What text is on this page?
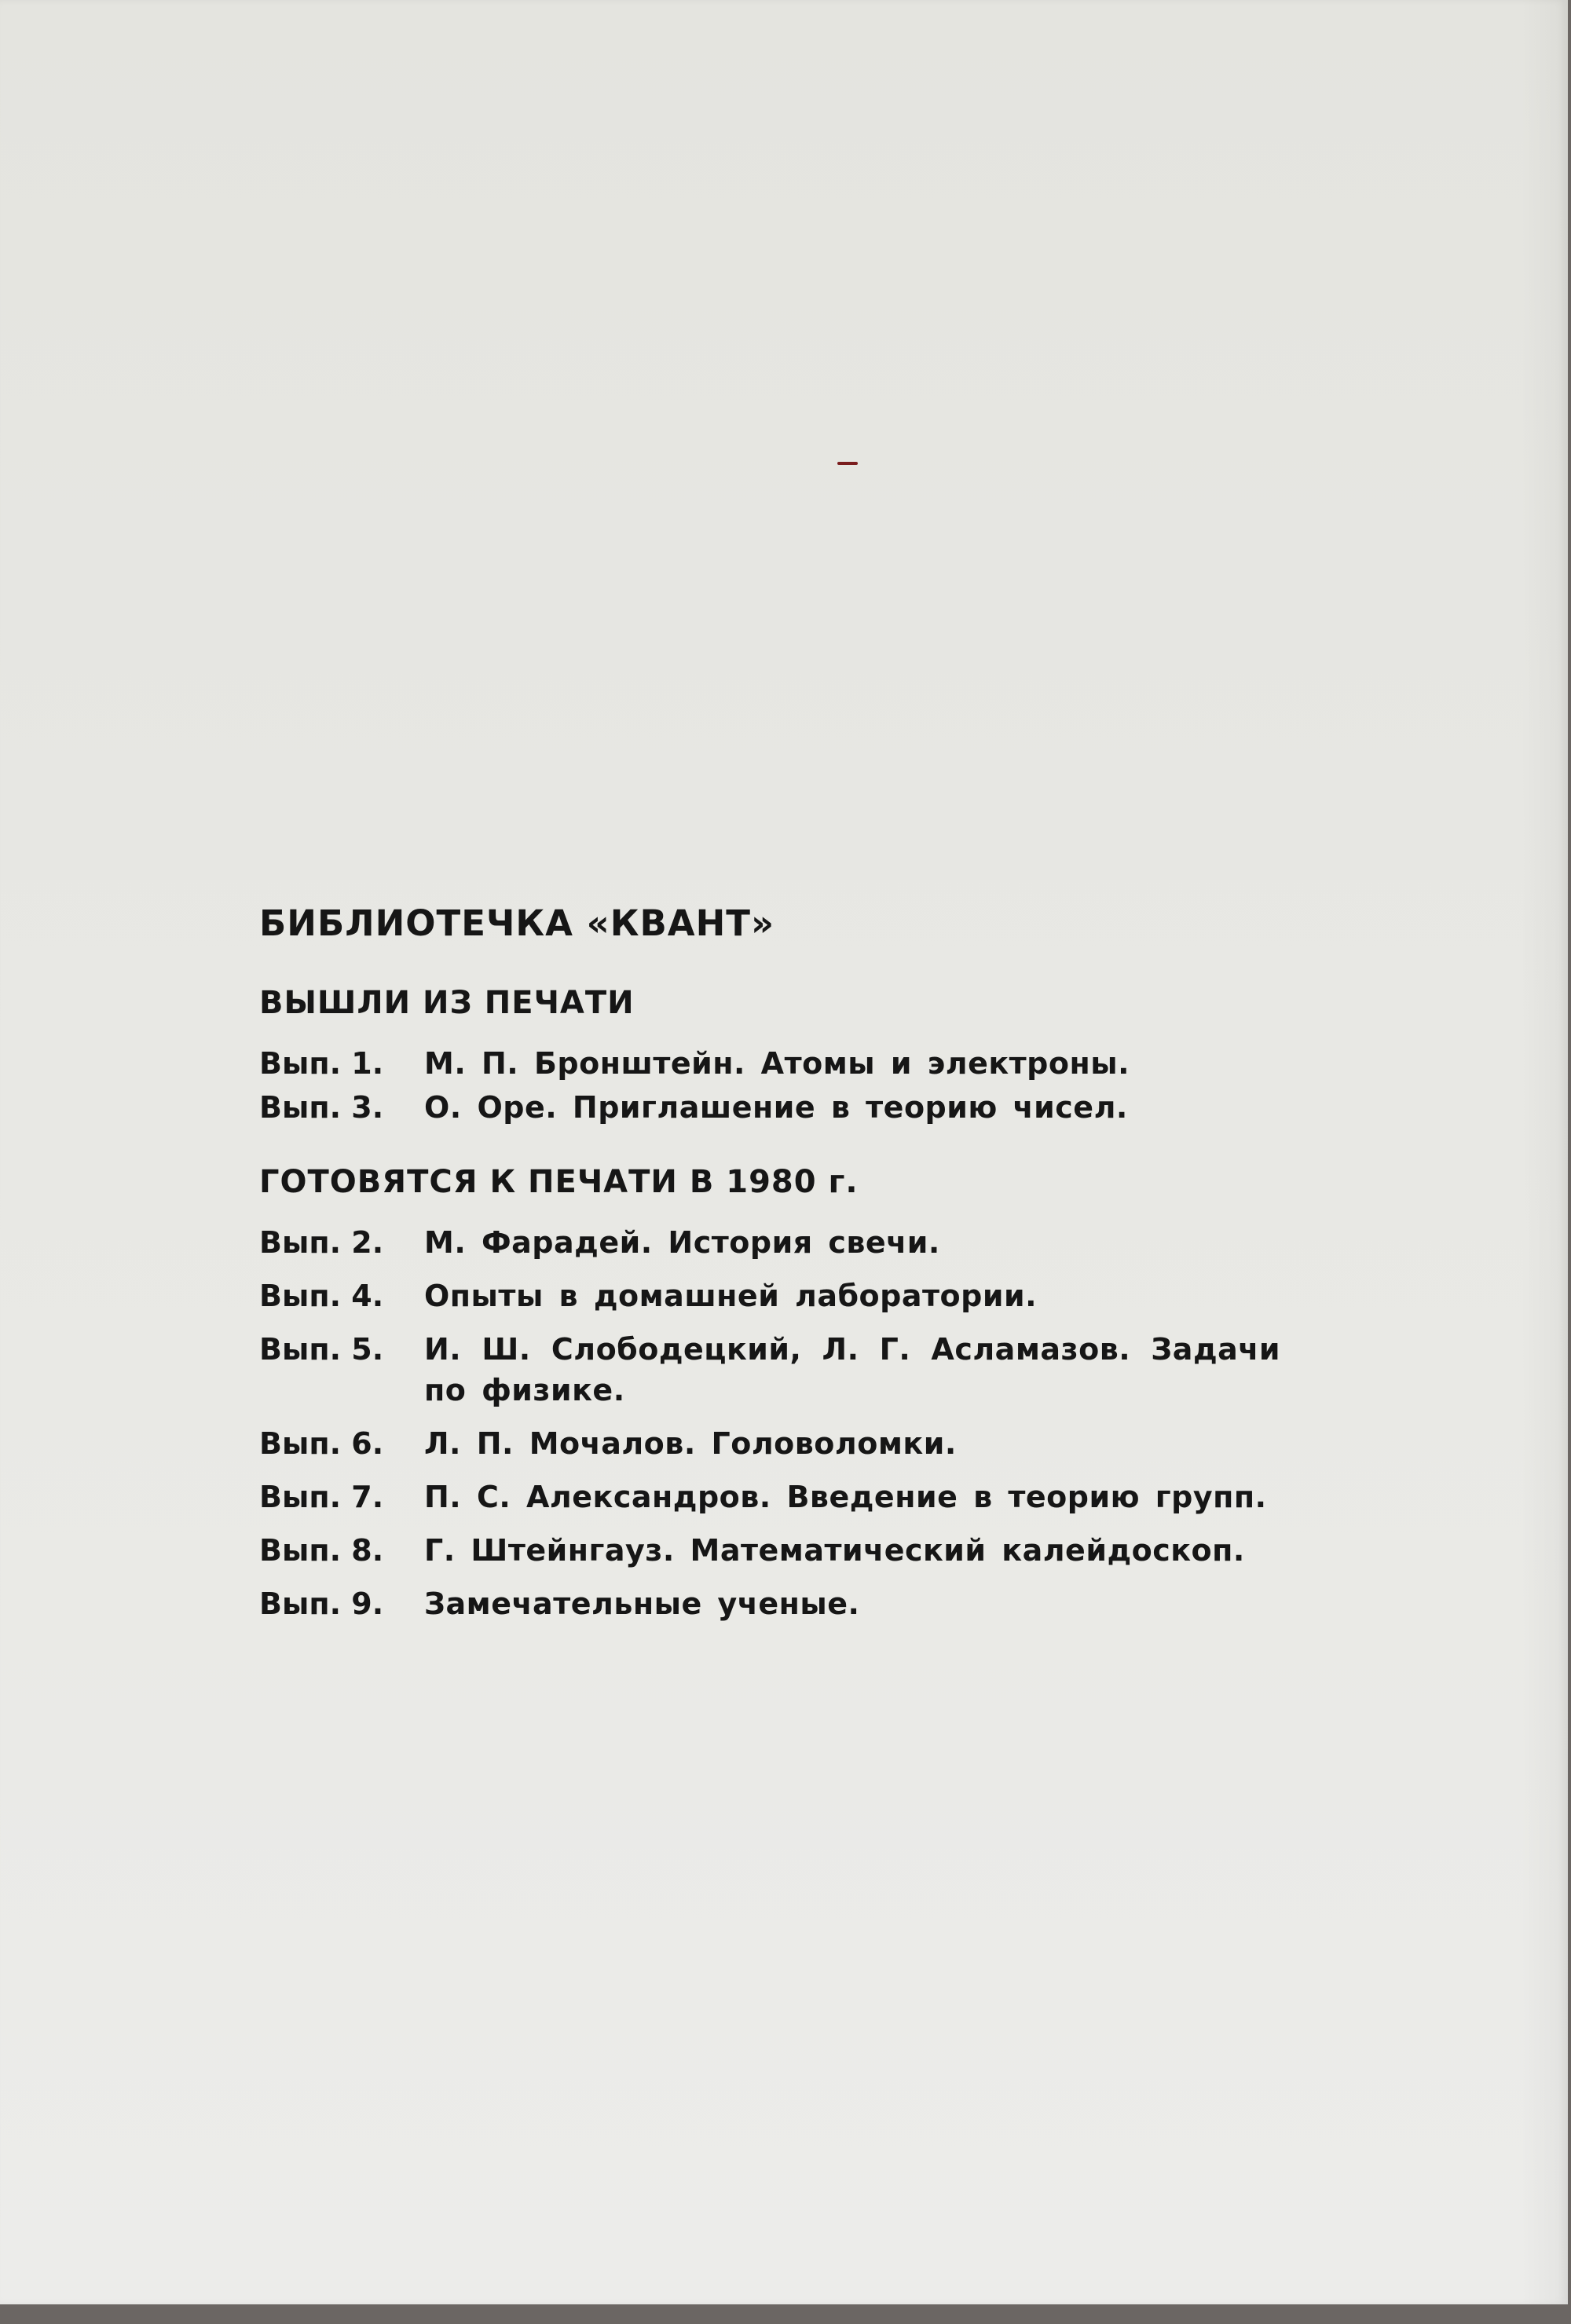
БИБЛИОТЕЧКА «КВАНТ»
ВЫШЛИ ИЗ ПЕЧАТИ
Вып. 1.	М. П. Бронштейн. Атомы и электроны.
Вып. 3.	О. Оре. Приглашение в теорию чисел.
ГОТОВЯТСЯ К ПЕЧАТИ В 1980 г.
Вып. 2.	М. Фарадей. История свечи.
Вып. 4.	Опыты в домашней лаборатории.
Вып. 5.	И. Ш. Слободецкий, Л. Г. Асламазов. Задачи по физике.
Вып. 6.	Л. П. Мочалов. Головоломки.
Вып. 7.	П. С. Александров. Введение в теорию групп.
Вып. 8.	Г. Штейнгауз. Математический калейдоскоп.
Вып. 9.	Замечательные ученые.
